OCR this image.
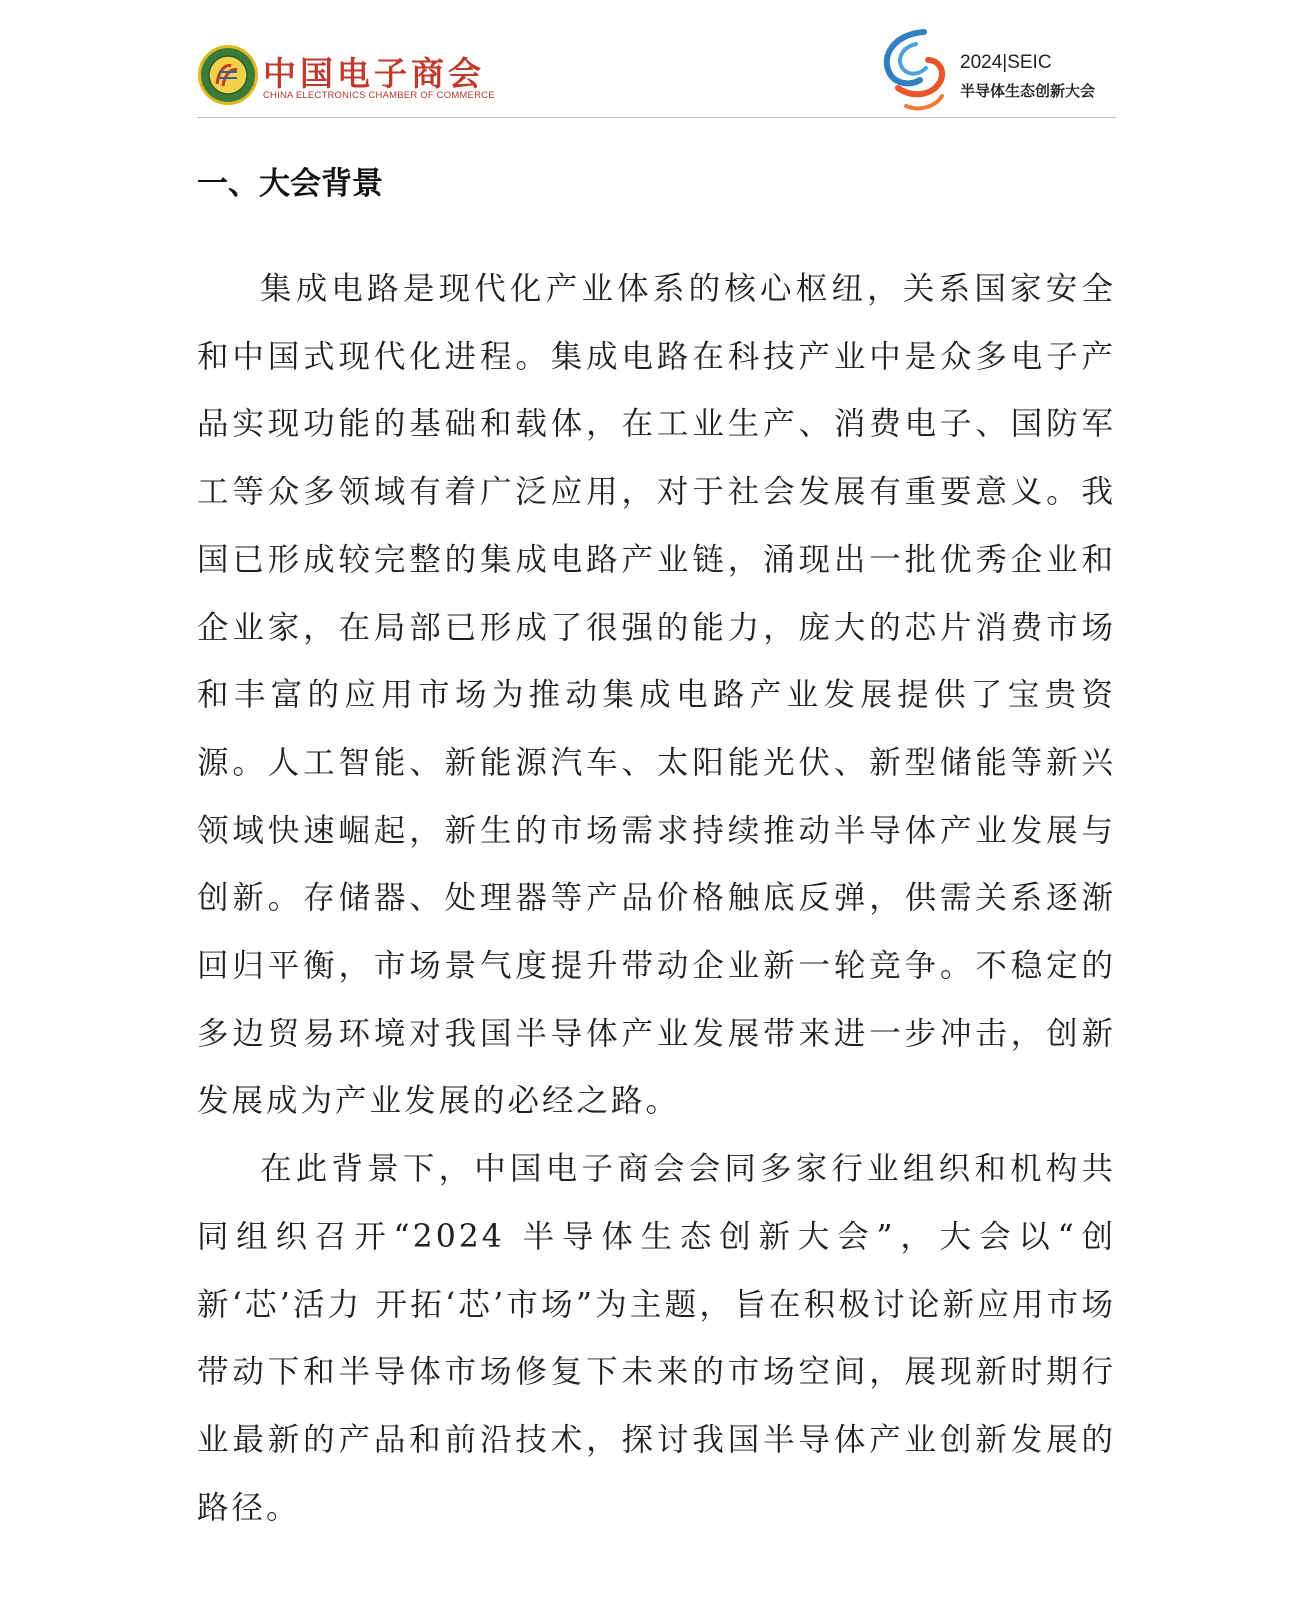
中国电子商会
CHINA ELECTRONICS CHAMBER OF COMMERCE
2024|SEIC
半导体生态创新大会
一、大会背景

集成电路是现代化产业体系的核心枢纽，关系国家安全和中国式现代化进程。集成电路在科技产业中是众多电子产品实现功能的基础和载体，在工业生产、消费电子、国防军工等众多领域有着广泛应用，对于社会发展有重要意义。我国已形成较完整的集成电路产业链，涌现出一批优秀企业和企业家，在局部已形成了很强的能力，庞大的芯片消费市场和丰富的应用市场为推动集成电路产业发展提供了宝贵资源。人工智能、新能源汽车、太阳能光伏、新型储能等新兴领域快速崛起，新生的市场需求持续推动半导体产业发展与创新。存储器、处理器等产品价格触底反弹，供需关系逐渐回归平衡，市场景气度提升带动企业新一轮竞争。不稳定的多边贸易环境对我国半导体产业发展带来进一步冲击，创新发展成为产业发展的必经之路。

在此背景下，中国电子商会会同多家行业组织和机构共同组织召开“2024 半导体生态创新大会”，大会以“创新‘芯’活力 开拓‘芯’市场”为主题，旨在积极讨论新应用市场带动下和半导体市场修复下未来的市场空间，展现新时期行业最新的产品和前沿技术，探讨我国半导体产业创新发展的路径。
